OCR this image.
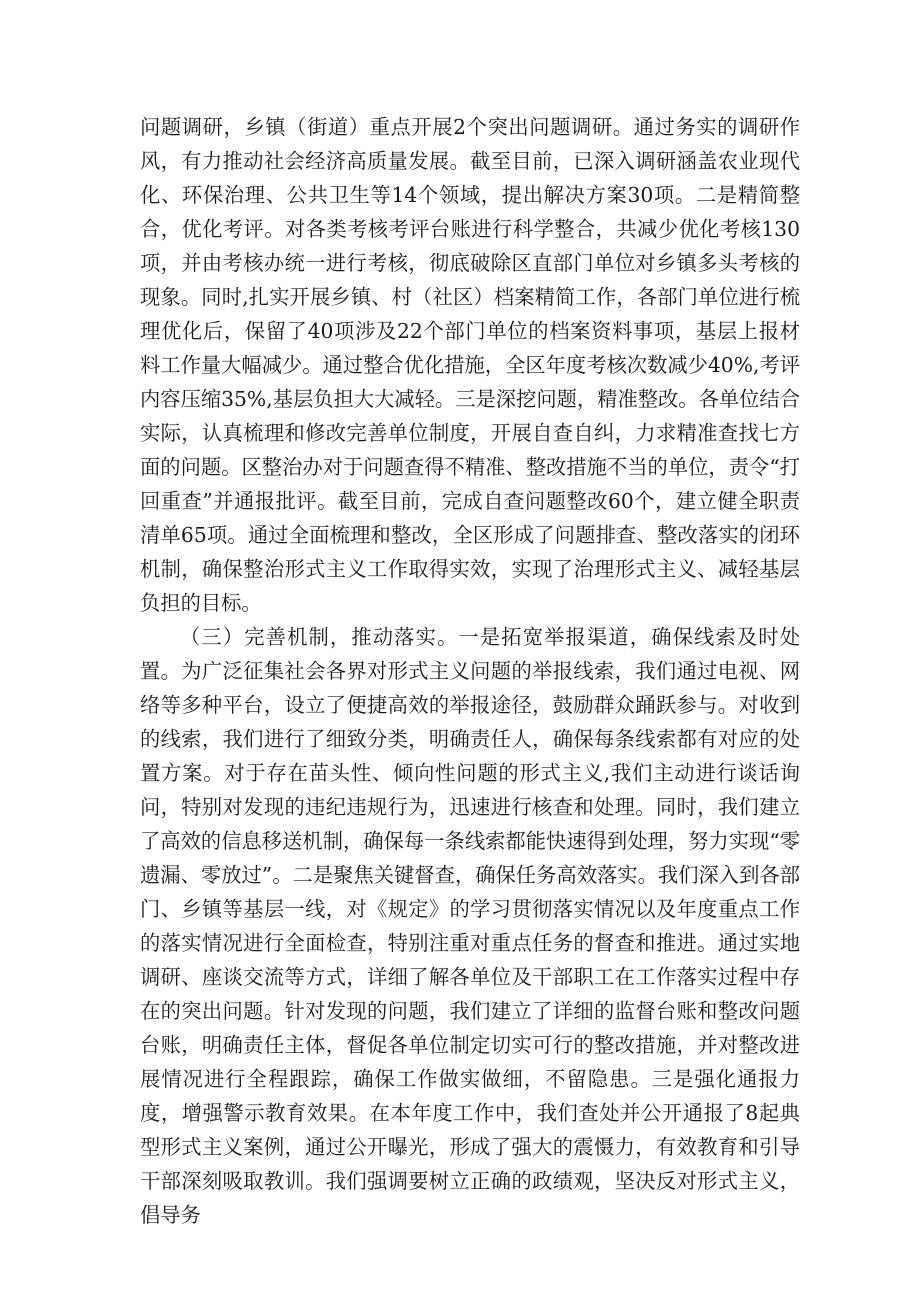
问题调研，乡镇（街道）重点开展2个突出问题调研。通过务实的调研作风，有力推动社会经济高质量发展。截至目前，已深入调研涵盖农业现代化、环保治理、公共卫生等14个领域，提出解决方案30项。二是精简整合，优化考评。对各类考核考评台账进行科学整合，共减少优化考核130项，并由考核办统一进行考核，彻底破除区直部门单位对乡镇多头考核的现象。同时,扎实开展乡镇、村（社区）档案精简工作，各部门单位进行梳理优化后，保留了40项涉及22个部门单位的档案资料事项，基层上报材料工作量大幅减少。通过整合优化措施，全区年度考核次数减少40%,考评内容压缩35%,基层负担大大减轻。三是深挖问题，精准整改。各单位结合实际，认真梳理和修改完善单位制度，开展自查自纠，力求精准查找七方面的问题。区整治办对于问题查得不精准、整改措施不当的单位，责令“打回重查”并通报批评。截至目前，完成自查问题整改60个，建立健全职责清单65项。通过全面梳理和整改，全区形成了问题排查、整改落实的闭环机制，确保整治形式主义工作取得实效，实现了治理形式主义、减轻基层负担的目标。

（三）完善机制，推动落实。一是拓宽举报渠道，确保线索及时处置。为广泛征集社会各界对形式主义问题的举报线索，我们通过电视、网络等多种平台，设立了便捷高效的举报途径，鼓励群众踊跃参与。对收到的线索，我们进行了细致分类，明确责任人，确保每条线索都有对应的处置方案。对于存在苗头性、倾向性问题的形式主义,我们主动进行谈话询问，特别对发现的违纪违规行为，迅速进行核查和处理。同时，我们建立了高效的信息移送机制，确保每一条线索都能快速得到处理，努力实现“零遗漏、零放过”。二是聚焦关键督查，确保任务高效落实。我们深入到各部门、乡镇等基层一线，对《规定》的学习贯彻落实情况以及年度重点工作的落实情况进行全面检查，特别注重对重点任务的督查和推进。通过实地调研、座谈交流等方式，详细了解各单位及干部职工在工作落实过程中存在的突出问题。针对发现的问题，我们建立了详细的监督台账和整改问题台账，明确责任主体，督促各单位制定切实可行的整改措施，并对整改进展情况进行全程跟踪，确保工作做实做细，不留隐患。三是强化通报力度，增强警示教育效果。在本年度工作中，我们查处并公开通报了8起典型形式主义案例，通过公开曝光，形成了强大的震慑力，有效教育和引导干部深刻吸取教训。我们强调要树立正确的政绩观，坚决反对形式主义，倡导务
